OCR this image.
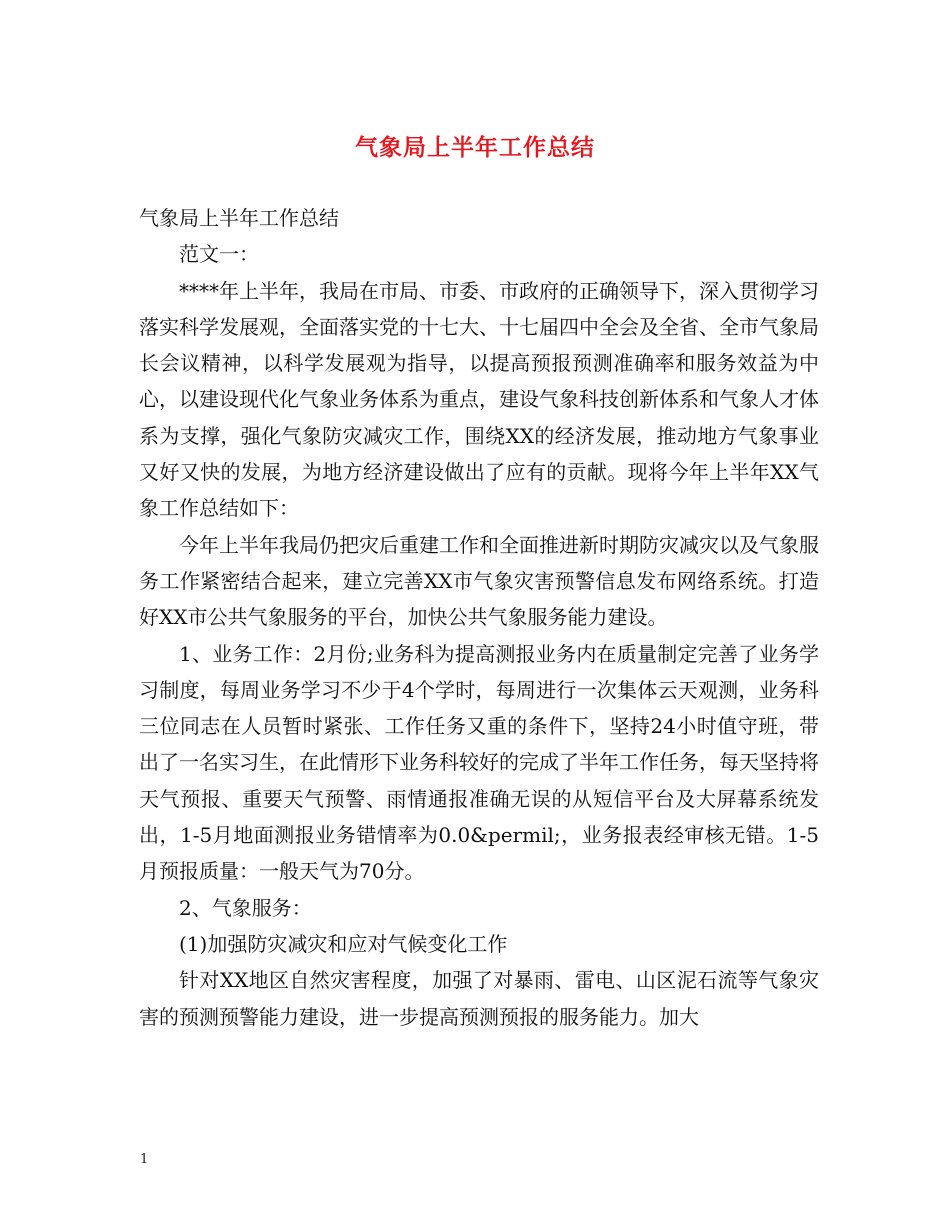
气象局上半年工作总结

气象局上半年工作总结

范文一：

****年上半年，我局在市局、市委、市政府的正确领导下，深入贯彻学习落实科学发展观，全面落实党的十七大、十七届四中全会及全省、全市气象局长会议精神，以科学发展观为指导，以提高预报预测准确率和服务效益为中心，以建设现代化气象业务体系为重点，建设气象科技创新体系和气象人才体系为支撑，强化气象防灾减灾工作，围绕XX的经济发展，推动地方气象事业又好又快的发展，为地方经济建设做出了应有的贡献。现将今年上半年XX气象工作总结如下：

今年上半年我局仍把灾后重建工作和全面推进新时期防灾减灾以及气象服务工作紧密结合起来，建立完善XX市气象灾害预警信息发布网络系统。打造好XX市公共气象服务的平台，加快公共气象服务能力建设。

1、业务工作：2月份;业务科为提高测报业务内在质量制定完善了业务学习制度，每周业务学习不少于4个学时，每周进行一次集体云天观测，业务科三位同志在人员暂时紧张、工作任务又重的条件下，坚持24小时值守班，带出了一名实习生，在此情形下业务科较好的完成了半年工作任务，每天坚持将天气预报、重要天气预警、雨情通报准确无误的从短信平台及大屏幕系统发出，1-5月地面测报业务错情率为0.0&permil;，业务报表经审核无错。1-5月预报质量：一般天气为70分。

2、气象服务：

(1)加强防灾减灾和应对气候变化工作

针对XX地区自然灾害程度，加强了对暴雨、雷电、山区泥石流等气象灾害的预测预警能力建设，进一步提高预测预报的服务能力。加大

1
